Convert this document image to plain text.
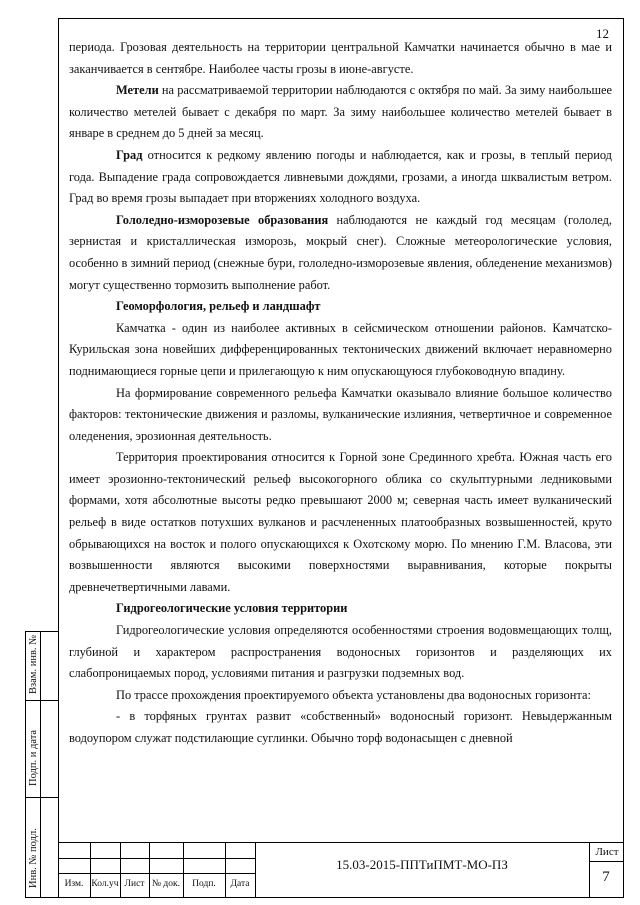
12

периода. Грозовая деятельность на территории центральной Камчатки начинается обычно в мае и заканчивается в сентябре. Наиболее часты грозы в июне-августе.

Метели на рассматриваемой территории наблюдаются с октября по май. За зиму наибольшее количество метелей бывает с декабря по март. За зиму наибольшее количество метелей бывает в январе в среднем до 5 дней за месяц.

Град относится к редкому явлению погоды и наблюдается, как и грозы, в теплый период года. Выпадение града сопровождается ливневыми дождями, грозами, а иногда шквалистым ветром. Град во время грозы выпадает при вторжениях холодного воздуха.

Гололедно-изморозевые образования наблюдаются не каждый год месяцам (гололед, зернистая и кристаллическая изморозь, мокрый снег). Сложные метеорологические условия, особенно в зимний период (снежные бури, гололедно-изморозевые явления, обледенение механизмов) могут существенно тормозить выполнение работ.

Геоморфология, рельеф и ландшафт

Камчатка - один из наиболее активных в сейсмическом отношении районов. Камчатско-Курильская зона новейших дифференцированных тектонических движений включает неравномерно поднимающиеся горные цепи и прилегающую к ним опускающуюся глубоководную впадину.

На формирование современного рельефа Камчатки оказывало влияние большое количество факторов: тектонические движения и разломы, вулканические излияния, четвертичное и современное оледенения, эрозионная деятельность.

Территория проектирования относится к Горной зоне Срединного хребта. Южная часть его имеет эрозионно-тектонический рельеф высокогорного облика со скульптурными ледниковыми формами, хотя абсолютные высоты редко превышают 2000 м; северная часть имеет вулканический рельеф в виде остатков потухших вулканов и расчлененных платообразных возвышенностей, круто обрывающихся на восток и полого опускающихся к Охотскому морю. По мнению Г.М. Власова, эти возвышенности являются высокими поверхностями выравнивания, которые покрыты древнечетвертичными лавами.

Гидрогеологические условия территории

Гидрогеологические условия определяются особенностями строения водовмещающих толщ, глубиной и характером распространения водоносных горизонтов и разделяющих их слабопроницаемых пород, условиями питания и разгрузки подземных вод.

По трассе прохождения проектируемого объекта установлены два водоносных горизонта:

- в торфяных грунтах развит «собственный» водоносный горизонт. Невыдержанным водоупором служат подстилающие суглинки. Обычно торф водонасыщен с дневной

Взам. инв. №
Подп. и дата
Инв. № подл.	Изм. Кол.уч Лист № док.	Подп.	Дата
15.03-2015-ППТиПМТ-МО-ПЗ
Лист
7
